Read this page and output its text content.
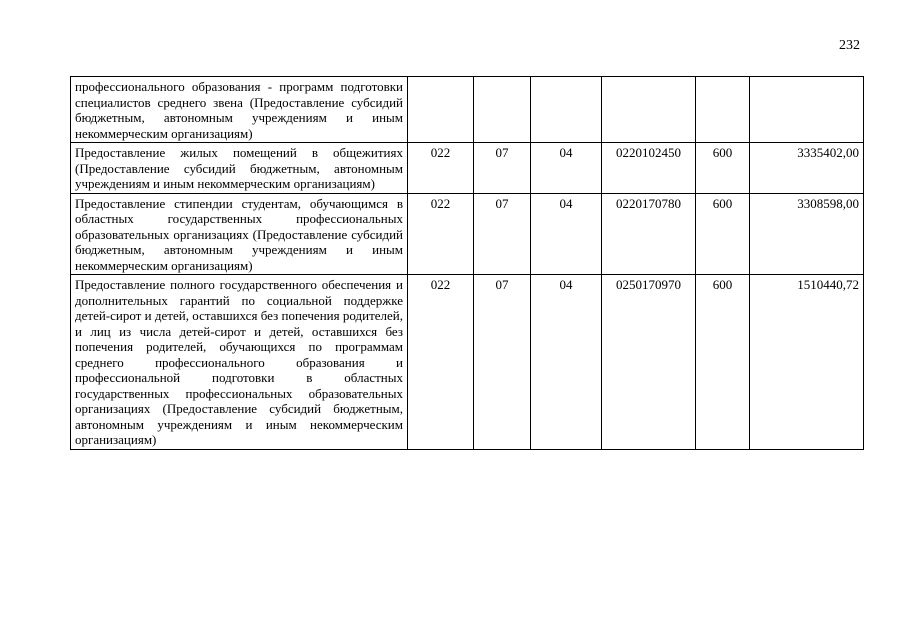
232
профессионального образования - программ подготовки специалистов среднего звена (Предоставление субсидий бюджетным, автономным учреждениям и иным некоммерческим организациям)						
Предоставление жилых помещений в общежитиях (Предоставление субсидий бюджетным, автономным учреждениям и иным некоммерческим организациям)	022	07	04	0220102450	600	3335402,00
Предоставление стипендии студентам, обучающимся в областных государственных профессиональных образовательных организациях (Предоставление субсидий бюджетным, автономным учреждениям и иным некоммерческим организациям)	022	07	04	0220170780	600	3308598,00
Предоставление полного государственного обеспечения и дополнительных гарантий по социальной поддержке детей-сирот и детей, оставшихся без попечения родителей, и лиц из числа детей-сирот и детей, оставшихся без попечения родителей, обучающихся по программам среднего профессионального образования и профессиональной подготовки в областных государственных профессиональных образовательных организациях (Предоставление субсидий бюджетным, автономным учреждениям и иным некоммерческим организациям)	022	07	04	0250170970	600	1510440,72
